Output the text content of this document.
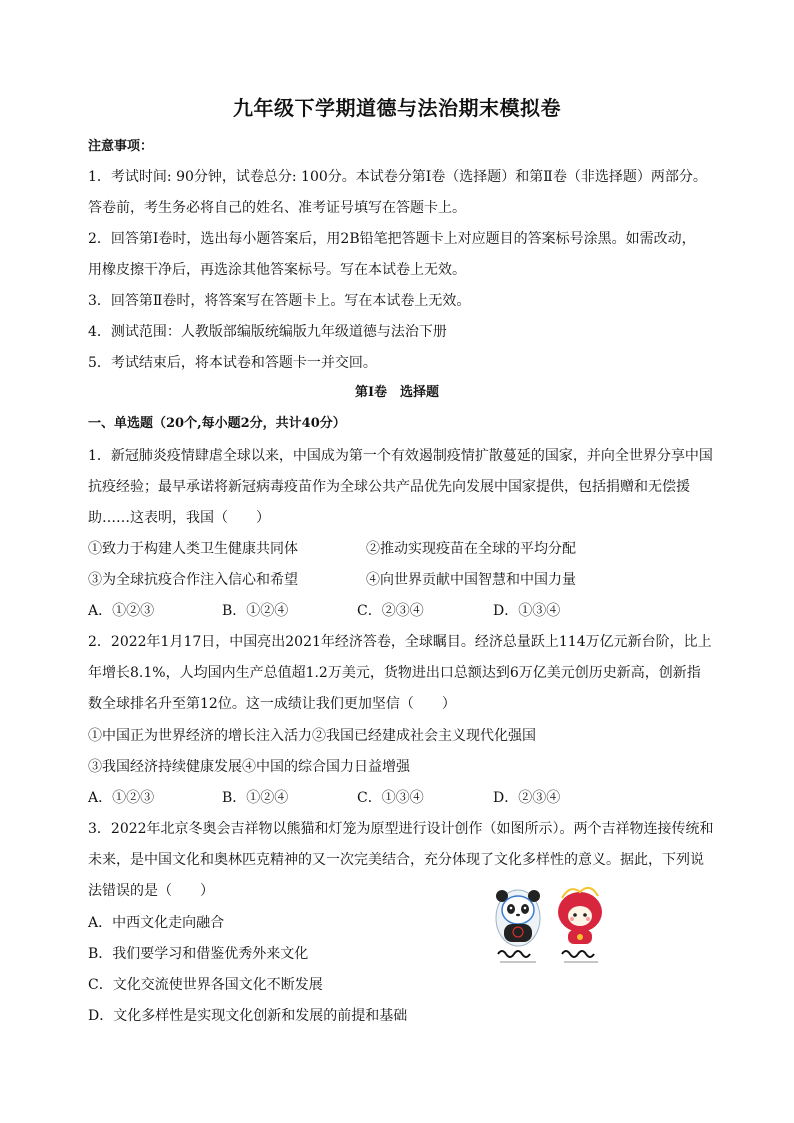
九年级下学期道德与法治期末模拟卷
注意事项：
1．考试时间: 90分钟，试卷总分: 100分。本试卷分第Ⅰ卷（选择题）和第Ⅱ卷（非选择题）两部分。
答卷前，考生务必将自己的姓名、准考证号填写在答题卡上。
2．回答第Ⅰ卷时，选出每小题答案后，用2B铅笔把答题卡上对应题目的答案标号涂黑。如需改动，
用橡皮擦干净后，再选涂其他答案标号。写在本试卷上无效。
3．回答第Ⅱ卷时，将答案写在答题卡上。写在本试卷上无效。
4．测试范围：人教版部编版统编版九年级道德与法治下册
5．考试结束后，将本试卷和答题卡一并交回。
第Ⅰ卷　选择题
一、单选题（20个,每小题2分，共计40分）
1．新冠肺炎疫情肆虐全球以来，中国成为第一个有效遏制疫情扩散蔓延的国家，并向全世界分享中国
抗疫经验；最早承诺将新冠病毒疫苗作为全球公共产品优先向发展中国家提供，包括捐赠和无偿援
助……这表明，我国（　　）
①致力于构建人类卫生健康共同体	②推动实现疫苗在全球的平均分配
③为全球抗疫合作注入信心和希望	④向世界贡献中国智慧和中国力量
A．①②③	B．①②④	C．②③④	D．①③④
2．2022年1月17日，中国亮出2021年经济答卷，全球瞩目。经济总量跃上114万亿元新台阶，比上
年增长8.1%，人均国内生产总值超1.2万美元，货物进出口总额达到6万亿美元创历史新高，创新指
数全球排名升至第12位。这一成绩让我们更加坚信（　　）
①中国正为世界经济的增长注入活力②我国已经建成社会主义现代化强国
③我国经济持续健康发展④中国的综合国力日益增强
A．①②③	B．①②④	C．①③④	D．②③④
3．2022年北京冬奥会吉祥物以熊猫和灯笼为原型进行设计创作（如图所示）。两个吉祥物连接传统和
未来，是中国文化和奥林匹克精神的又一次完美结合，充分体现了文化多样性的意义。据此，下列说
法错误的是（　　）
A．中西文化走向融合
B．我们要学习和借鉴优秀外来文化
C．文化交流使世界各国文化不断发展
D．文化多样性是实现文化创新和发展的前提和基础
